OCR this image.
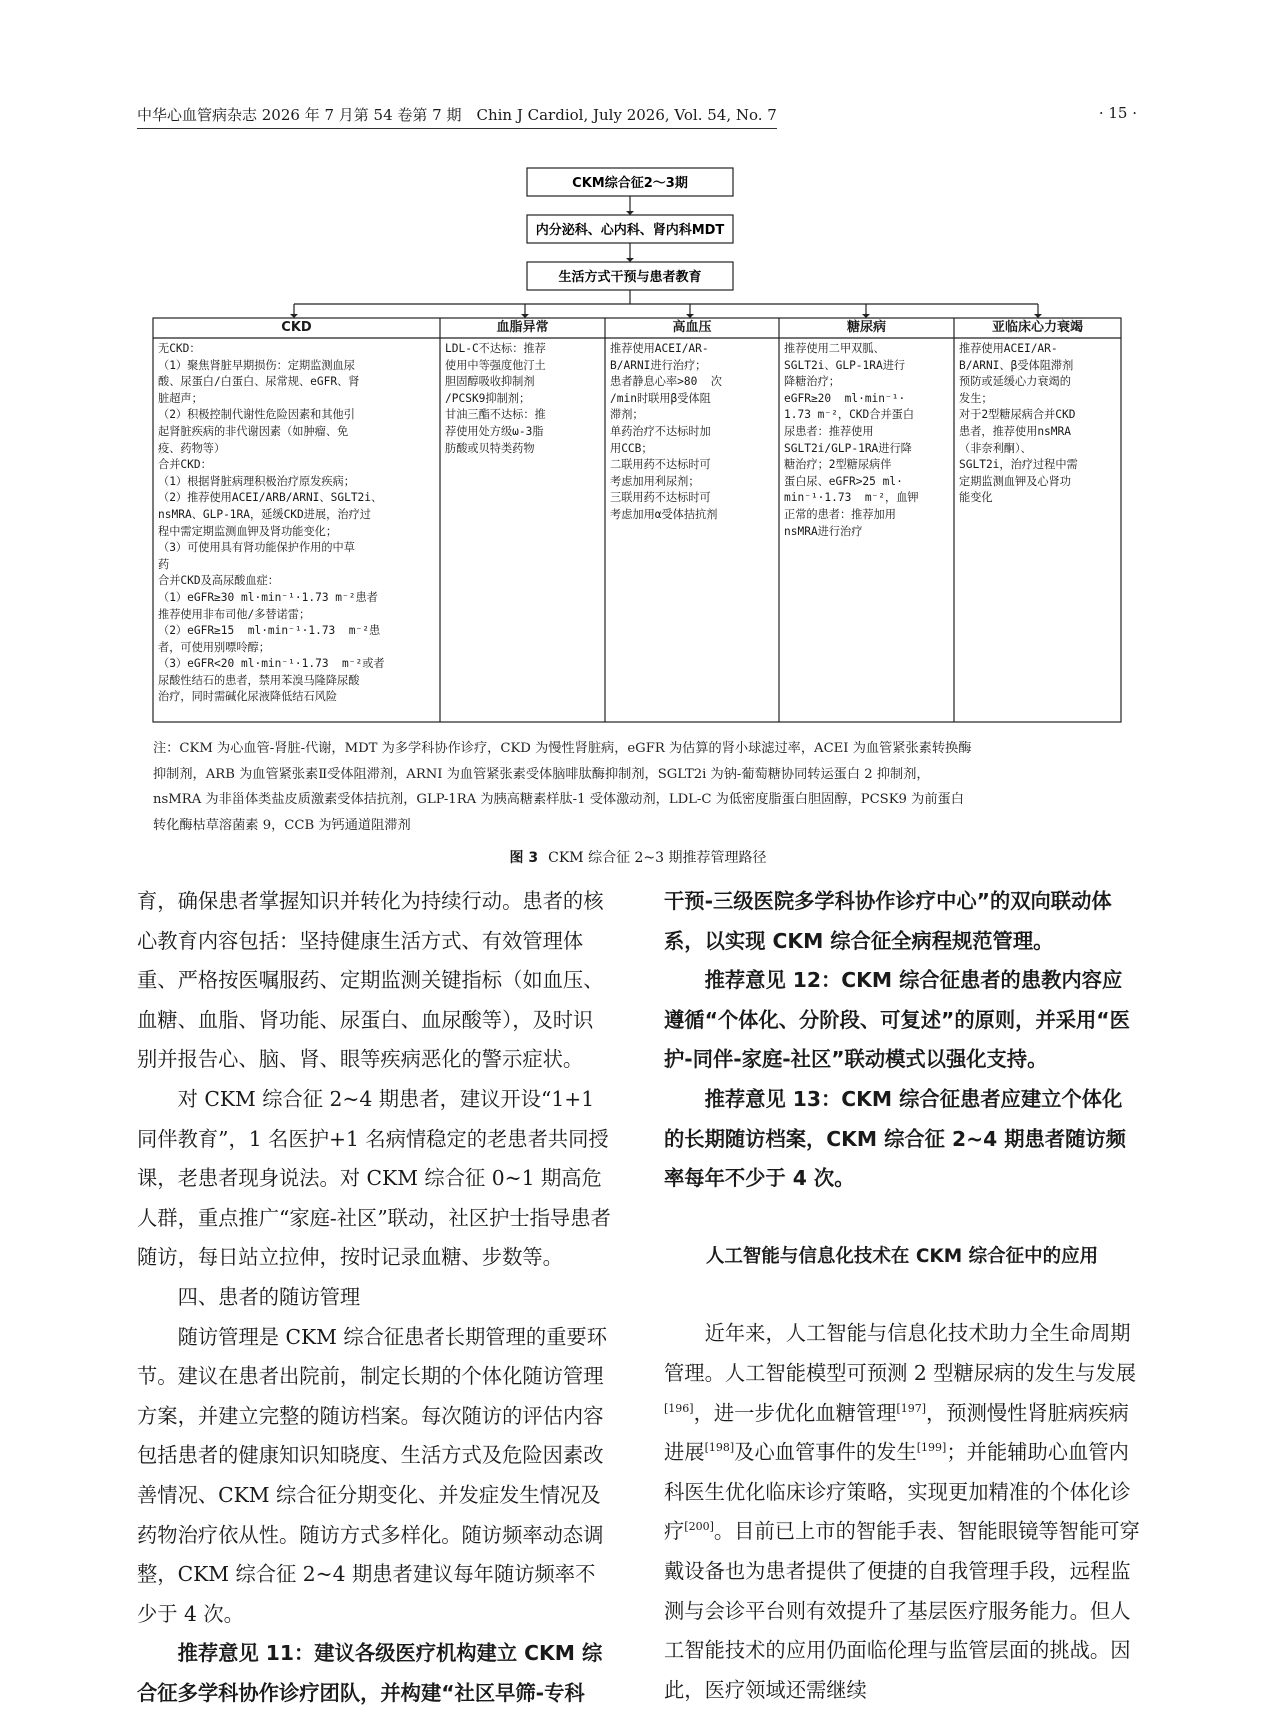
中华心血管病杂志 2026 年 7 月第 54 卷第 7 期　Chin J Cardiol, July 2026, Vol. 54, No. 7	· 15 ·
CKM综合征2～3期
内分泌科、心内科、肾内科MDT
生活方式干预与患者教育
CKD
无CKD：
（1）聚焦肾脏早期损伤：定期监测血尿
酸、尿蛋白/白蛋白、尿常规、eGFR、肾
脏超声；
（2）积极控制代谢性危险因素和其他引
起肾脏疾病的非代谢因素（如肿瘤、免
疫、药物等）
合并CKD：
（1）根据肾脏病理积极治疗原发疾病；
（2）推荐使用ACEI/ARB/ARNI、SGLT2i、
nsMRA、GLP-1RA，延缓CKD进展，治疗过
程中需定期监测血钾及肾功能变化；
（3）可使用具有肾功能保护作用的中草
药
合并CKD及高尿酸血症：
（1）eGFR≥30 ml·min⁻¹·1.73 m⁻²患者
推荐使用非布司他/多替诺雷；
（2）eGFR≥15  ml·min⁻¹·1.73  m⁻²患
者，可使用别嘌呤醇；
（3）eGFR<20 ml·min⁻¹·1.73  m⁻²或者
尿酸性结石的患者，禁用苯溴马隆降尿酸
治疗，同时需碱化尿液降低结石风险
血脂异常
LDL-C不达标：推荐
使用中等强度他汀土
胆固醇吸收抑制剂
/PCSK9抑制剂；
甘油三酯不达标：推
荐使用处方级ω-3脂
肪酸或贝特类药物
高血压
推荐使用ACEI/AR-
B/ARNI进行治疗；
患者静息心率>80  次
/min时联用β受体阻
滞剂；
单药治疗不达标时加
用CCB；
二联用药不达标时可
考虑加用利尿剂；
三联用药不达标时可
考虑加用α受体拮抗剂
糖尿病
推荐使用二甲双胍、
SGLT2i、GLP-1RA进行
降糖治疗；
eGFR≥20  ml·min⁻¹·
1.73 m⁻²，CKD合并蛋白
尿患者：推荐使用
SGLT2i/GLP-1RA进行降
糖治疗；2型糖尿病伴
蛋白尿、eGFR>25 ml·
min⁻¹·1.73  m⁻²，血钾
正常的患者：推荐加用
nsMRA进行治疗
亚临床心力衰竭
推荐使用ACEI/AR-
B/ARNI、β受体阻滞剂
预防或延缓心力衰竭的
发生；
对于2型糖尿病合并CKD
患者，推荐使用nsMRA
（非奈利酮）、
SGLT2i，治疗过程中需
定期监测血钾及心肾功
能变化

注：CKM 为心血管-肾脏-代谢，MDT 为多学科协作诊疗，CKD 为慢性肾脏病，eGFR 为估算的肾小球滤过率，ACEI 为血管紧张素转换酶

抑制剂，ARB 为血管紧张素Ⅱ受体阻滞剂，ARNI 为血管紧张素受体脑啡肽酶抑制剂，SGLT2i 为钠-葡萄糖协同转运蛋白 2 抑制剂，

nsMRA 为非甾体类盐皮质激素受体拮抗剂，GLP-1RA 为胰高糖素样肽-1 受体激动剂，LDL-C 为低密度脂蛋白胆固醇，PCSK9 为前蛋白

转化酶枯草溶菌素 9，CCB 为钙通道阻滞剂

图 3 CKM 综合征 2~3 期推荐管理路径

育，确保患者掌握知识并转化为持续行动。患者的核心教育内容包括：坚持健康生活方式、有效管理体重、严格按医嘱服药、定期监测关键指标（如血压、血糖、血脂、肾功能、尿蛋白、血尿酸等），及时识别并报告心、脑、肾、眼等疾病恶化的警示症状。

对 CKM 综合征 2~4 期患者，建议开设“1+1 同伴教育”，1 名医护+1 名病情稳定的老患者共同授课，老患者现身说法。对 CKM 综合征 0~1 期高危人群，重点推广“家庭-社区”联动，社区护士指导患者随访，每日站立拉伸，按时记录血糖、步数等。

四、患者的随访管理

随访管理是 CKM 综合征患者长期管理的重要环节。建议在患者出院前，制定长期的个体化随访管理方案，并建立完整的随访档案。每次随访的评估内容包括患者的健康知识知晓度、生活方式及危险因素改善情况、CKM 综合征分期变化、并发症发生情况及药物治疗依从性。随访方式多样化。随访频率动态调整，CKM 综合征 2~4 期患者建议每年随访频率不少于 4 次。

推荐意见 11：建议各级医疗机构建立 CKM 综合征多学科协作诊疗团队，并构建“社区早筛-专科

干预-三级医院多学科协作诊疗中心”的双向联动体系，以实现 CKM 综合征全病程规范管理。

推荐意见 12：CKM 综合征患者的患教内容应遵循“个体化、分阶段、可复述”的原则，并采用“医护-同伴-家庭-社区”联动模式以强化支持。

推荐意见 13：CKM 综合征患者应建立个体化的长期随访档案，CKM 综合征 2~4 期患者随访频率每年不少于 4 次。

人工智能与信息化技术在 CKM 综合征中的应用

近年来，人工智能与信息化技术助力全生命周期管理。人工智能模型可预测 2 型糖尿病的发生与发展[196]，进一步优化血糖管理[197]，预测慢性肾脏病疾病进展[198]及心血管事件的发生[199]；并能辅助心血管内科医生优化临床诊疗策略，实现更加精准的个体化诊疗[200]。目前已上市的智能手表、智能眼镜等智能可穿戴设备也为患者提供了便捷的自我管理手段，远程监测与会诊平台则有效提升了基层医疗服务能力。但人工智能技术的应用仍面临伦理与监管层面的挑战。因此，医疗领域还需继续
